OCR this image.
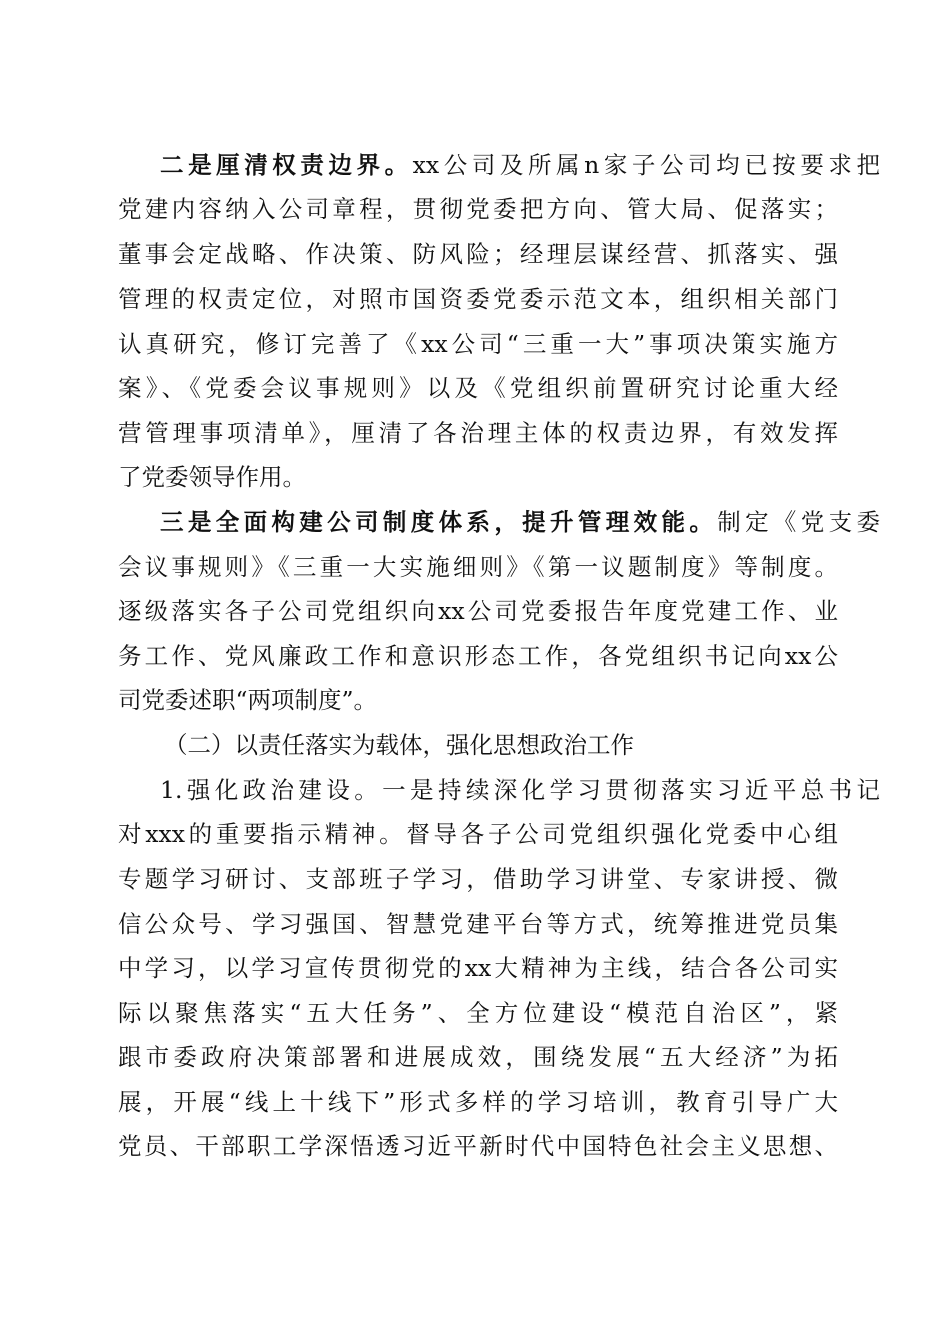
二是厘清权责边界。xx公司及所属n家子公司均已按要求把
党建内容纳入公司章程，贯彻党委把方向、管大局、促落实；
董事会定战略、作决策、防风险；经理层谋经营、抓落实、强
管理的权责定位，对照市国资委党委示范文本，组织相关部门
认真研究，修订完善了《xx公司“三重一大”事项决策实施方
案》、《党委会议事规则》以及《党组织前置研究讨论重大经
营管理事项清单》，厘清了各治理主体的权责边界，有效发挥
了党委领导作用。
三是全面构建公司制度体系，提升管理效能。制定《党支委
会议事规则》《三重一大实施细则》《第一议题制度》等制度。
逐级落实各子公司党组织向xx公司党委报告年度党建工作、业
务工作、党风廉政工作和意识形态工作，各党组织书记向xx公
司党委述职“两项制度”。
（二）以责任落实为载体，强化思想政治工作
1.强化政治建设。一是持续深化学习贯彻落实习近平总书记
对xxx的重要指示精神。督导各子公司党组织强化党委中心组
专题学习研讨、支部班子学习，借助学习讲堂、专家讲授、微
信公众号、学习强国、智慧党建平台等方式，统筹推进党员集
中学习，以学习宣传贯彻党的xx大精神为主线，结合各公司实
际以聚焦落实“五大任务”、全方位建设“模范自治区”，紧
跟市委政府决策部署和进展成效，围绕发展“五大经济”为拓
展，开展“线上十线下”形式多样的学习培训，教育引导广大
党员、干部职工学深悟透习近平新时代中国特色社会主义思想、
